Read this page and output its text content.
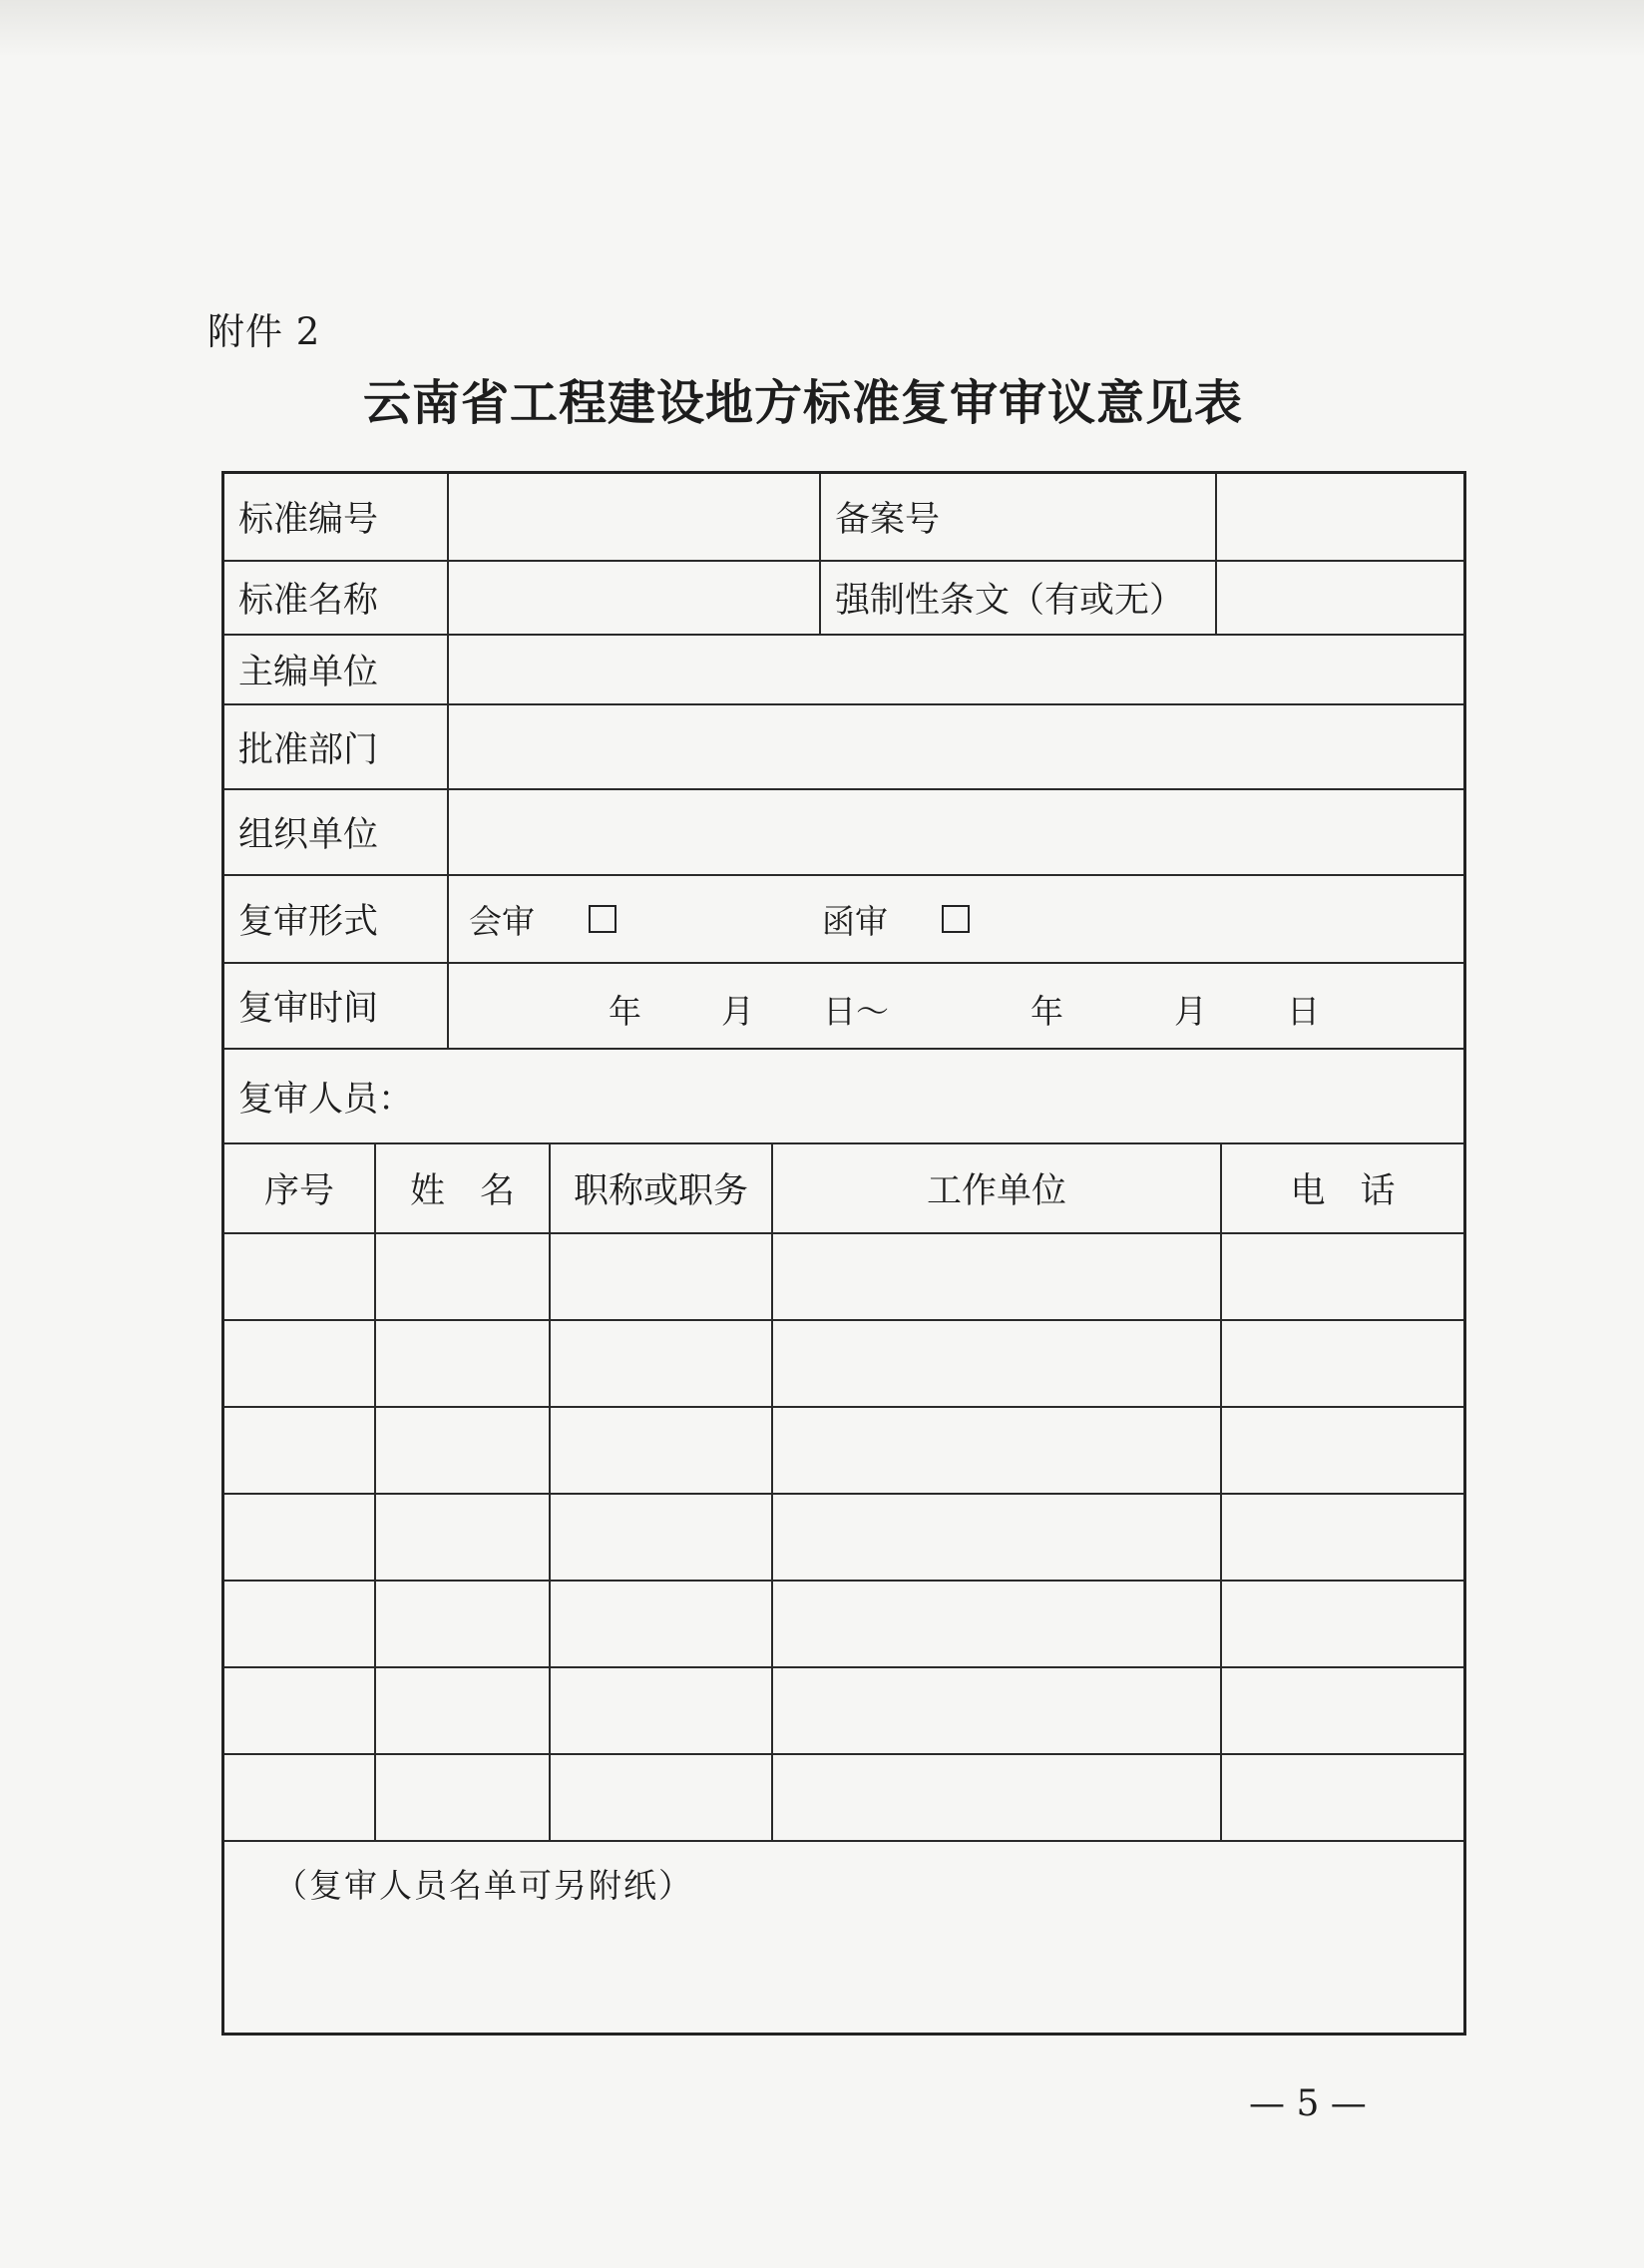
附件 2
云南省工程建设地方标准复审审议意见表
标准编号	备案号
标准名称	强制性条文（有或无）
主编单位
批准部门
组织单位
复审形式	会审	函审
复审时间	年 月 日～	年	月 日
复审人员：
序号	姓　名	职称或职务	工作单位	电　话
（复审人员名单可另附纸）
— 5 —
